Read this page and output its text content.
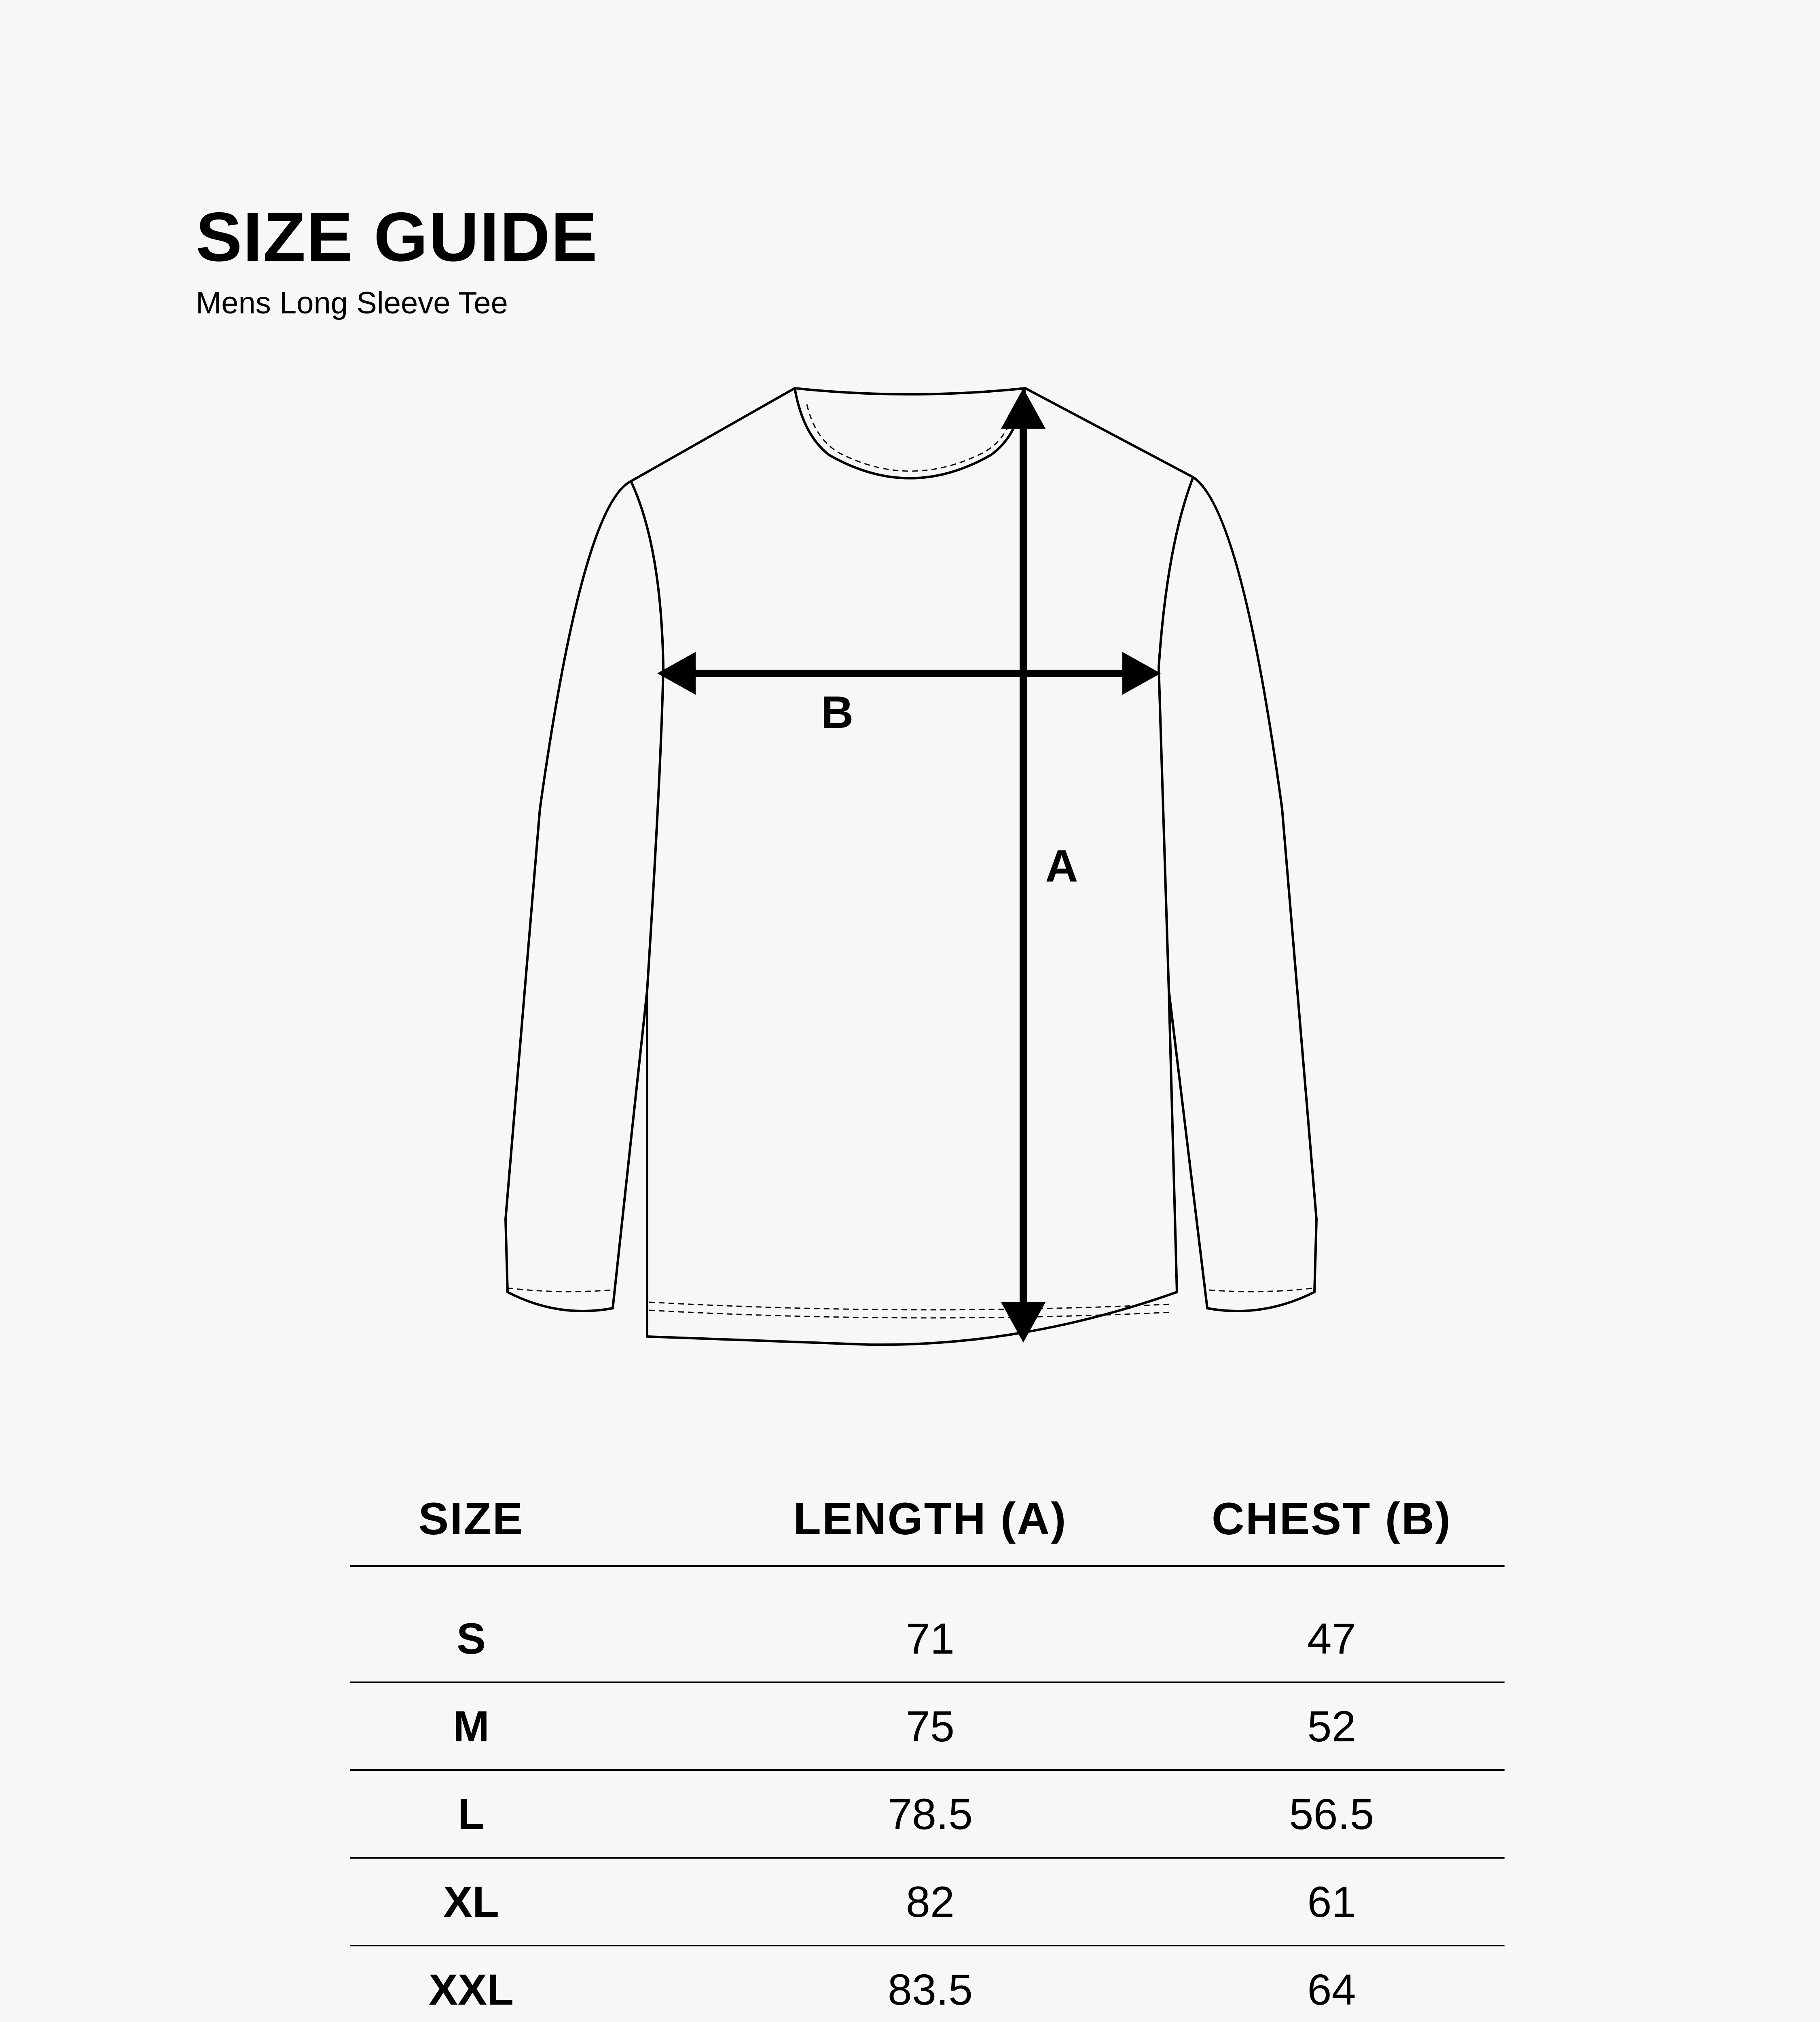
SIZE GUIDE

Mens Long Sleeve Tee

B
A
SIZE	LENGTH (A)	CHEST (B)
S	71	47
M	75	52
L	78.5	56.5
XL	82	61
XXL	83.5	64
